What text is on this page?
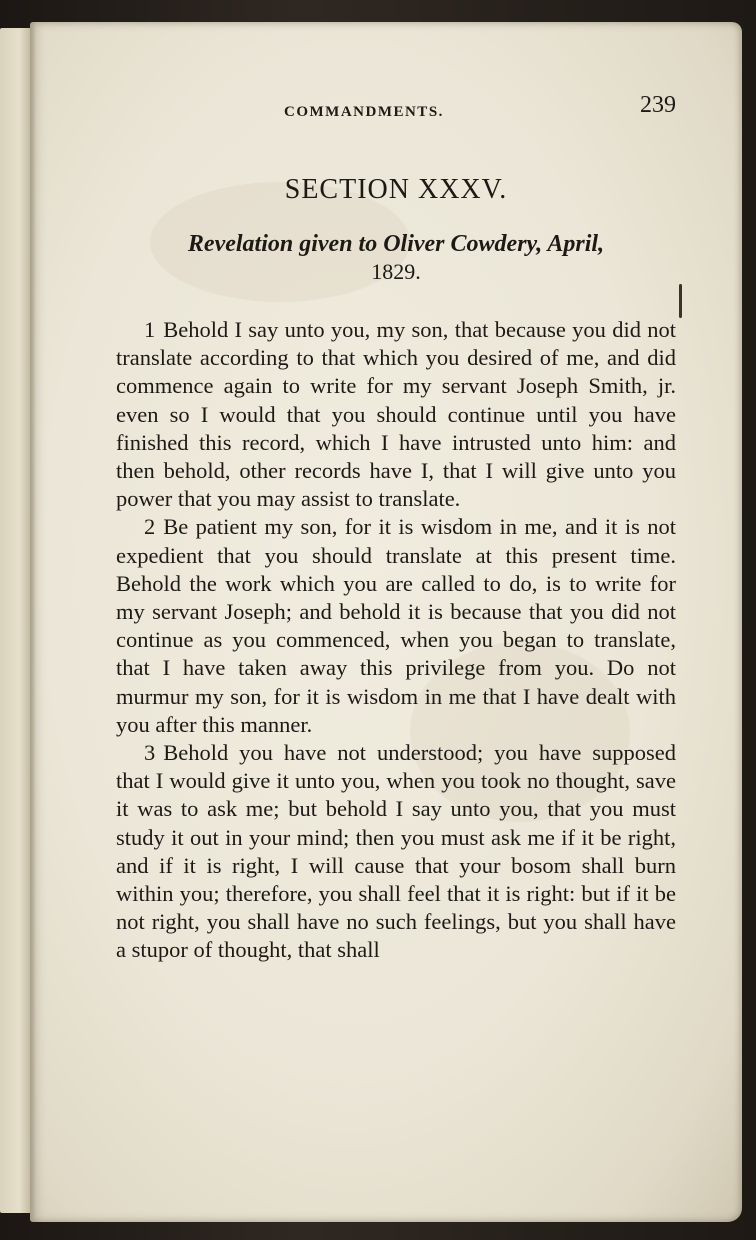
COMMANDMENTS.	239
SECTION XXXV.
Revelation given to Oliver Cowdery, April,
1829.

1 Behold I say unto you, my son, that because you did not translate according to that which you desired of me, and did commence again to write for my servant Joseph Smith, jr. even so I would that you should continue until you have finished this record, which I have intrusted unto him: and then behold, other records have I, that I will give unto you power that you may assist to translate.

2 Be patient my son, for it is wisdom in me, and it is not expedient that you should translate at this present time. Behold the work which you are called to do, is to write for my servant Joseph; and behold it is because that you did not continue as you commenced, when you began to translate, that I have taken away this privilege from you. Do not murmur my son, for it is wisdom in me that I have dealt with you after this manner.

3 Behold you have not understood; you have supposed that I would give it unto you, when you took no thought, save it was to ask me; but behold I say unto you, that you must study it out in your mind; then you must ask me if it be right, and if it is right, I will cause that your bosom shall burn within you; therefore, you shall feel that it is right: but if it be not right, you shall have no such feelings, but you shall have a stupor of thought, that shall
